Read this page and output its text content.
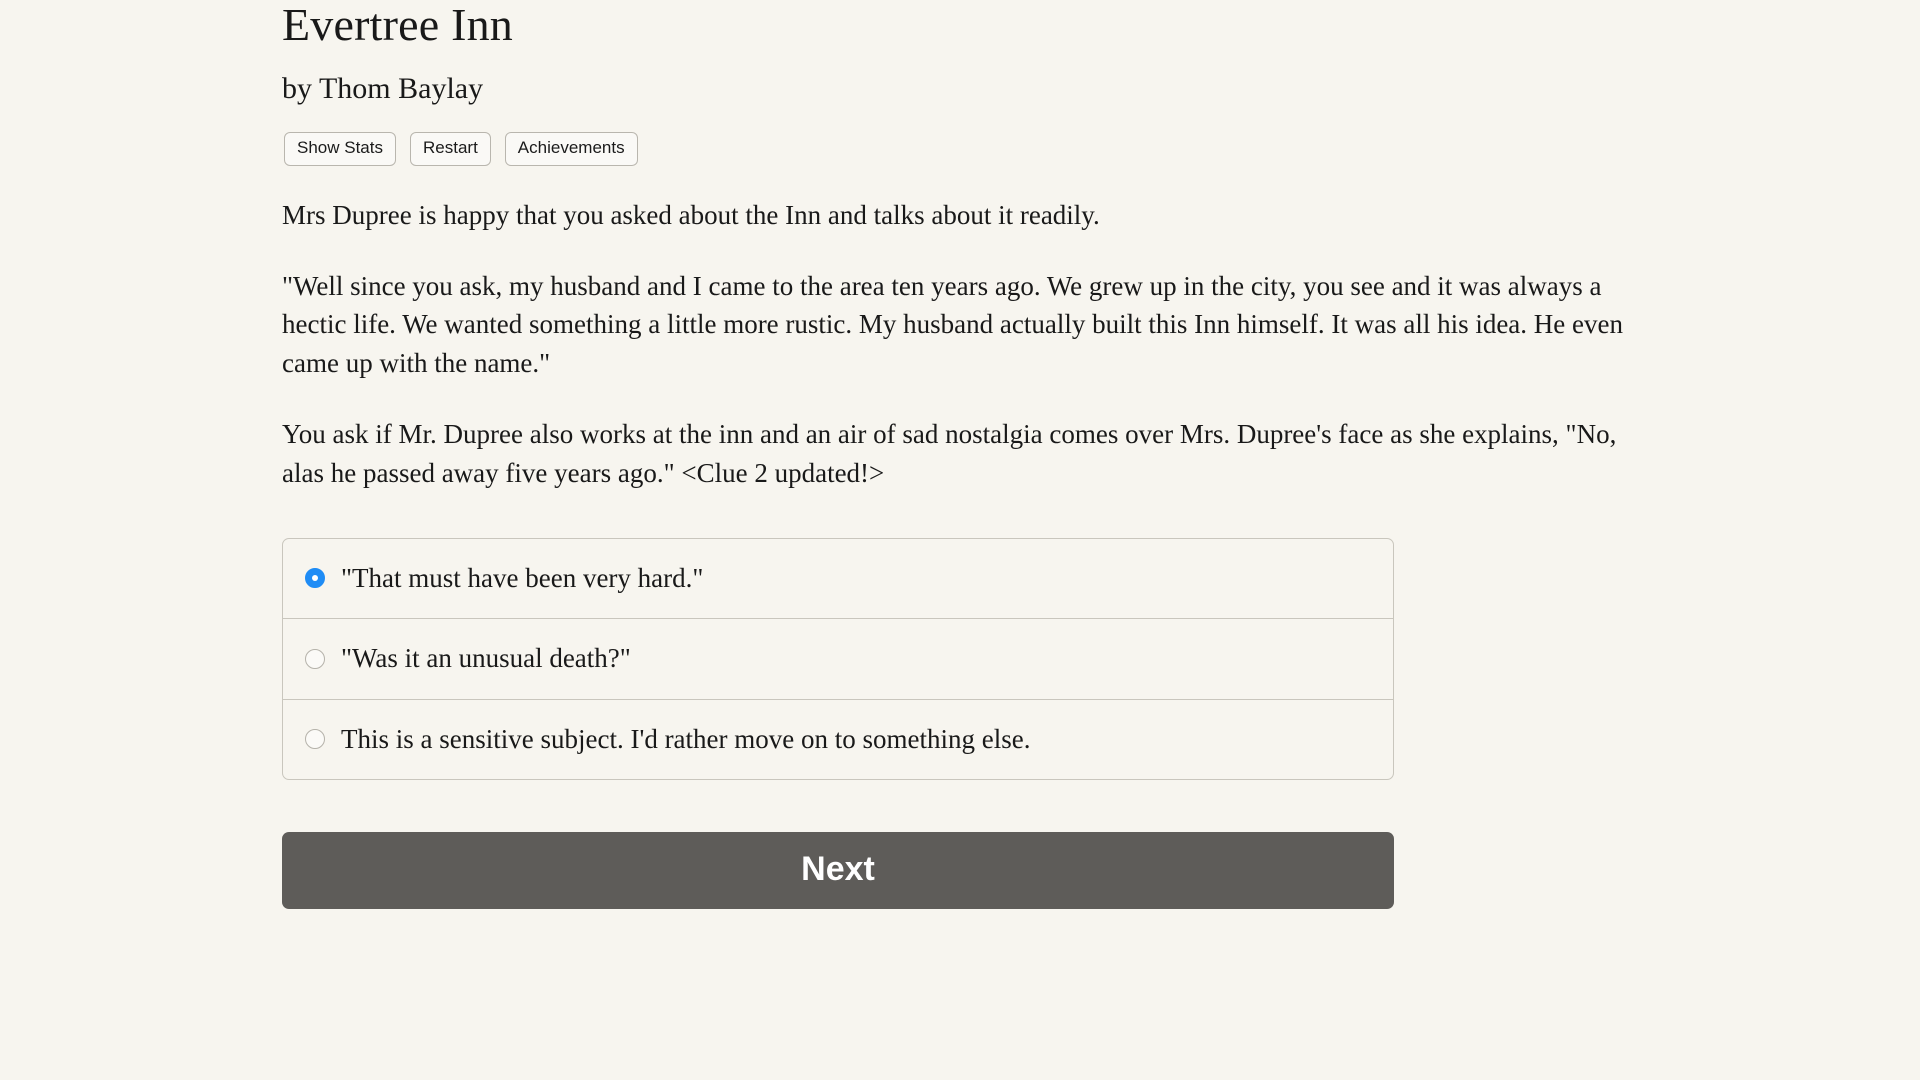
Evertree Inn

by Thom Baylay

Show Stats	Restart	Achievements

Mrs Dupree is happy that you asked about the Inn and talks about it readily.

"Well since you ask, my husband and I came to the area ten years ago. We grew up in the city, you see and it was always a hectic life. We wanted something a little more rustic. My husband actually built this Inn himself. It was all his idea. He even came up with the name."

You ask if Mr. Dupree also works at the inn and an air of sad nostalgia comes over Mrs. Dupree's face as she explains, "No, alas he passed away five years ago." <Clue 2 updated!>

"That must have been very hard."
"Was it an unusual death?"
This is a sensitive subject. I'd rather move on to something else.
Next
